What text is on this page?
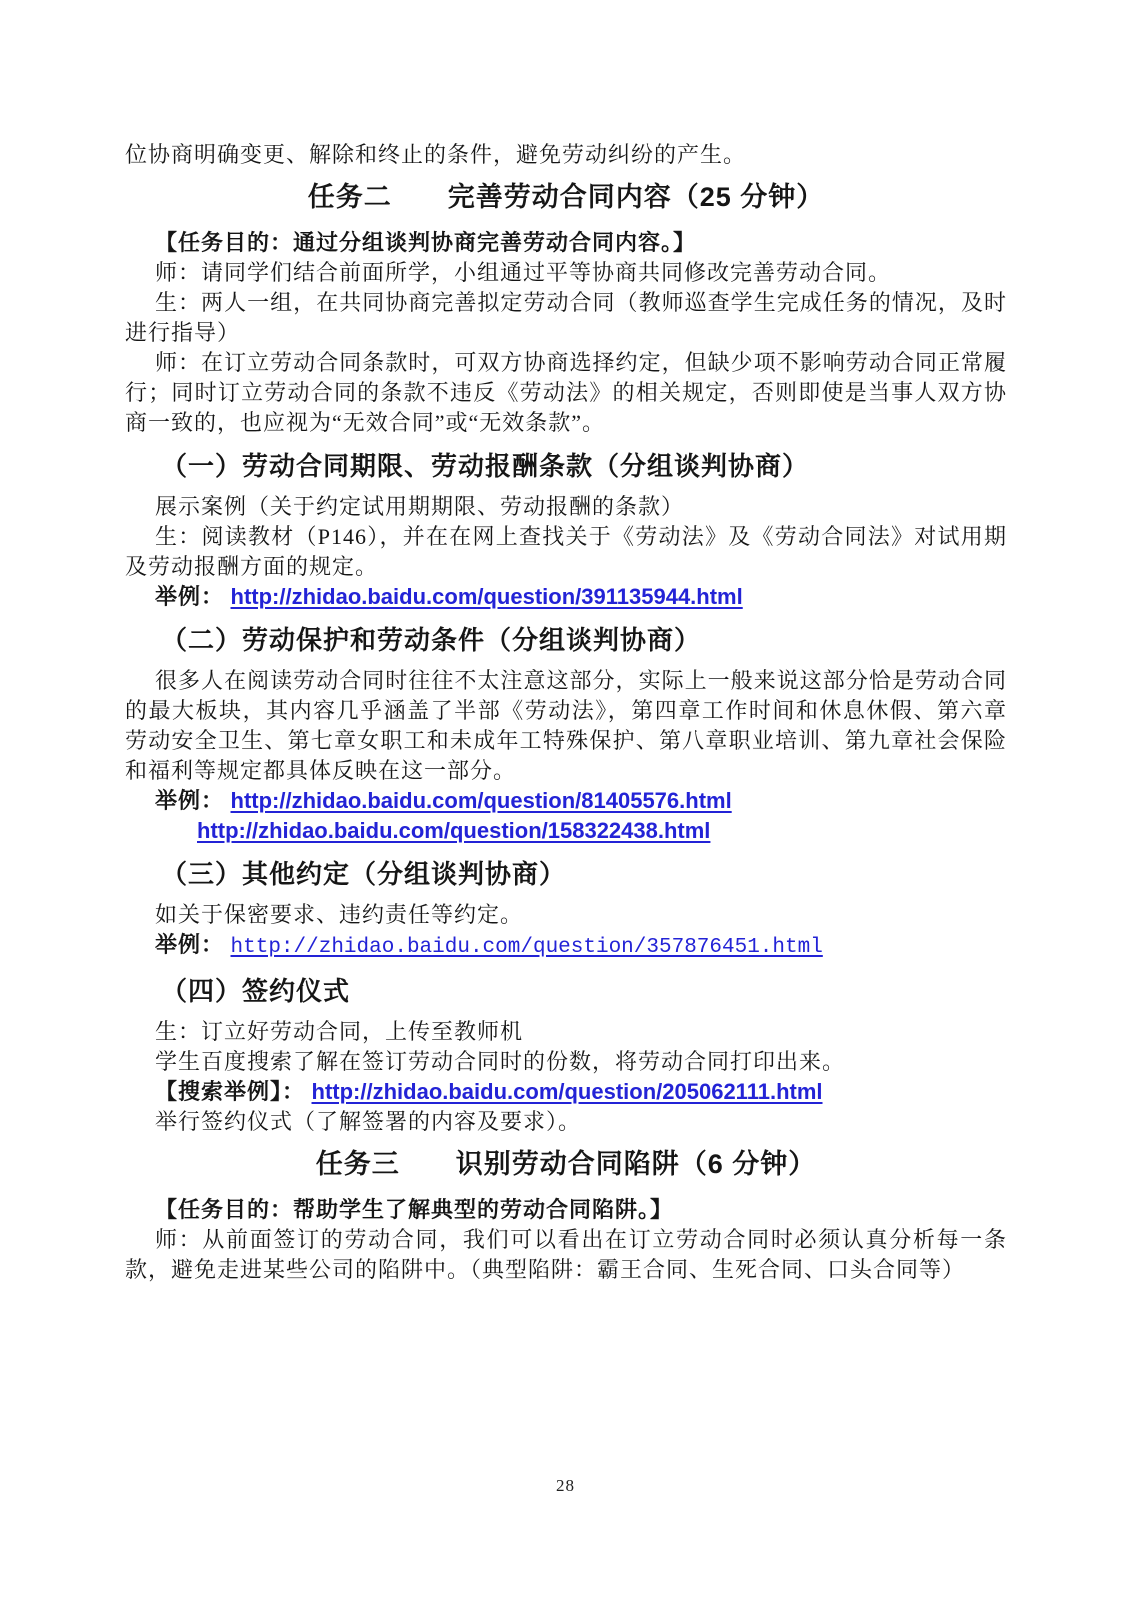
位协商明确变更、解除和终止的条件，避免劳动纠纷的产生。

任务二　　完善劳动合同内容（25 分钟）

【任务目的：通过分组谈判协商完善劳动合同内容。】

师：请同学们结合前面所学，小组通过平等协商共同修改完善劳动合同。

生：两人一组，在共同协商完善拟定劳动合同（教师巡查学生完成任务的情况，及时进行指导）

师：在订立劳动合同条款时，可双方协商选择约定，但缺少项不影响劳动合同正常履行；同时订立劳动合同的条款不违反《劳动法》的相关规定，否则即使是当事人双方协商一致的，也应视为“无效合同”或“无效条款”。

（一）劳动合同期限、劳动报酬条款（分组谈判协商）

展示案例（关于约定试用期期限、劳动报酬的条款）

生：阅读教材（P146），并在在网上查找关于《劳动法》及《劳动合同法》对试用期及劳动报酬方面的规定。

举例： http://zhidao.baidu.com/question/391135944.html

（二）劳动保护和劳动条件（分组谈判协商）

很多人在阅读劳动合同时往往不太注意这部分，实际上一般来说这部分恰是劳动合同的最大板块，其内容几乎涵盖了半部《劳动法》，第四章工作时间和休息休假、第六章劳动安全卫生、第七章女职工和未成年工特殊保护、第八章职业培训、第九章社会保险和福利等规定都具体反映在这一部分。

举例： http://zhidao.baidu.com/question/81405576.html

http://zhidao.baidu.com/question/158322438.html

（三）其他约定（分组谈判协商）

如关于保密要求、违约责任等约定。

举例： http://zhidao.baidu.com/question/357876451.html

（四）签约仪式

生：订立好劳动合同，上传至教师机

学生百度搜索了解在签订劳动合同时的份数，将劳动合同打印出来。

【搜索举例】： http://zhidao.baidu.com/question/205062111.html

举行签约仪式（了解签署的内容及要求）。

任务三　　识别劳动合同陷阱（6 分钟）

【任务目的：帮助学生了解典型的劳动合同陷阱。】

师：从前面签订的劳动合同，我们可以看出在订立劳动合同时必须认真分析每一条款，避免走进某些公司的陷阱中。（典型陷阱：霸王合同、生死合同、口头合同等）

28
